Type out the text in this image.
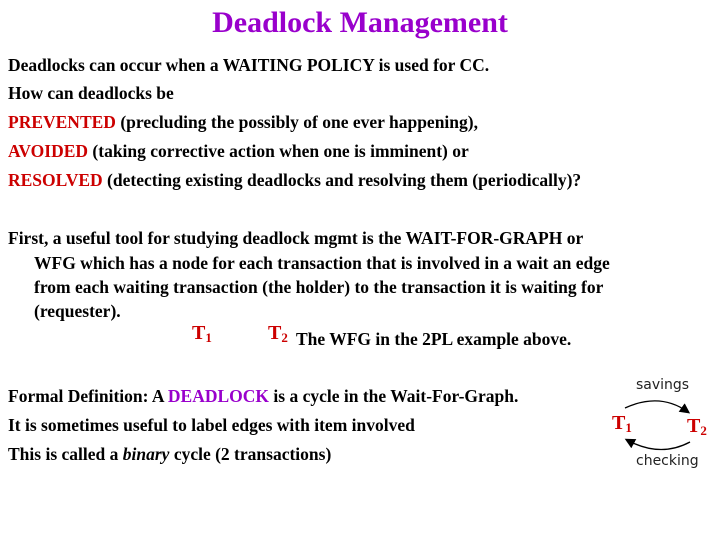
Deadlock Management
Deadlocks can occur when a WAITING POLICY is used for CC.
How can deadlocks be
PREVENTED (precluding the possibly of one ever happening),
AVOIDED (taking corrective action when one is imminent) or
RESOLVED (detecting existing deadlocks and resolving them (periodically)?
First, a useful tool for studying deadlock mgmt is the WAIT-FOR-GRAPH or
WFG which has a node for each transaction that is involved in a wait an edge
from each waiting transaction (the holder) to the transaction it is waiting for
(requester).
$T_1$	$T_2$ The WFG in the 2PL example above.
Formal Definition: A DEADLOCK is a cycle in the Wait-For-Graph.
It is sometimes useful to label edges with item involved
This is called a binary cycle (2 transactions)
savings
checking
$T_1$	$T_2$
